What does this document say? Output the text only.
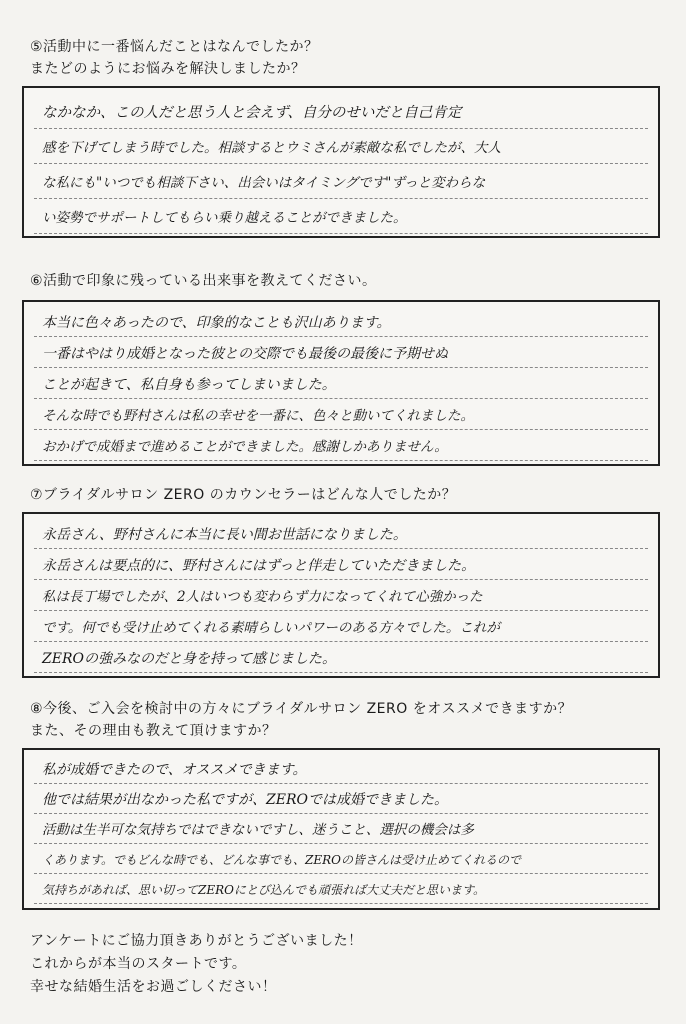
⑤活動中に一番悩んだことはなんでしたか？
またどのようにお悩みを解決しましたか？
なかなか、この人だと思う人と会えず、自分のせいだと自己肯定
感を下げてしまう時でした。相談するとウミさんが素敵な私でしたが、大人
な私にも"いつでも相談下さい、出会いはタイミングです"ずっと変わらな
い姿勢でサポートしてもらい乗り越えることができました。
⑥活動で印象に残っている出来事を教えてください。
本当に色々あったので、印象的なことも沢山あります。
一番はやはり成婚となった彼との交際でも最後の最後に予期せぬ
ことが起きて、私自身も参ってしまいました。
そんな時でも野村さんは私の幸せを一番に、色々と動いてくれました。
おかげで成婚まで進めることができました。感謝しかありません。
⑦ブライダルサロン ZERO のカウンセラーはどんな人でしたか？
永岳さん、野村さんに本当に長い間お世話になりました。
永岳さんは要点的に、野村さんにはずっと伴走していただきました。
私は長丁場でしたが、2人はいつも変わらず力になってくれて心強かった
です。何でも受け止めてくれる素晴らしいパワーのある方々でした。これが
ZEROの強みなのだと身を持って感じました。
⑧今後、ご入会を検討中の方々にブライダルサロン ZERO をオススメできますか？
また、その理由も教えて頂けますか？
私が成婚できたので、オススメできます。
他では結果が出なかった私ですが、ZEROでは成婚できました。
活動は生半可な気持ちではできないですし、迷うこと、選択の機会は多
くあります。でもどんな時でも、どんな事でも、ZEROの皆さんは受け止めてくれるので
気持ちがあれば、思い切ってZEROにとび込んでも頑張れば大丈夫だと思います。
アンケートにご協力頂きありがとうございました！
これからが本当のスタートです。
幸せな結婚生活をお過ごしください！
